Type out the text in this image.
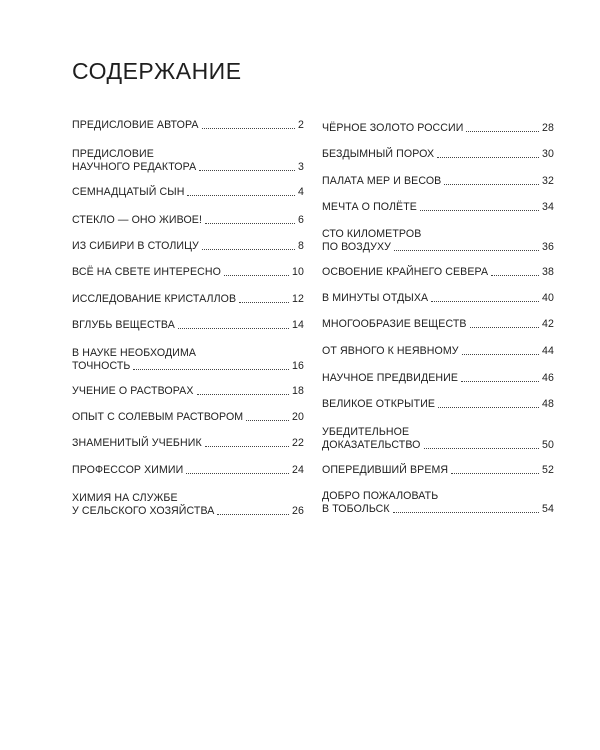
СОДЕРЖАНИЕ
ПРЕДИСЛОВИЕ АВТОРА	2
ПРЕДИСЛОВИЕ
НАУЧНОГО РЕДАКТОРА	3
СЕМНАДЦАТЫЙ СЫН	4
СТЕКЛО — ОНО ЖИВОЕ!	6
ИЗ СИБИРИ В СТОЛИЦУ	8
ВСЁ НА СВЕТЕ ИНТЕРЕСНО	10
ИССЛЕДОВАНИЕ КРИСТАЛЛОВ	12
ВГЛУБЬ ВЕЩЕСТВА	14
В НАУКЕ НЕОБХОДИМА
ТОЧНОСТЬ	16
УЧЕНИЕ О РАСТВОРАХ	18
ОПЫТ С СОЛЕВЫМ РАСТВОРОМ	20
ЗНАМЕНИТЫЙ УЧЕБНИК	22
ПРОФЕССОР ХИМИИ	24
ХИМИЯ НА СЛУЖБЕ
У СЕЛЬСКОГО ХОЗЯЙСТВА	26
ЧЁРНОЕ ЗОЛОТО РОССИИ	28
БЕЗДЫМНЫЙ ПОРОХ	30
ПАЛАТА МЕР И ВЕСОВ	32
МЕЧТА О ПОЛЁТЕ	34
СТО КИЛОМЕТРОВ
ПО ВОЗДУХУ	36
ОСВОЕНИЕ КРАЙНЕГО СЕВЕРА	38
В МИНУТЫ ОТДЫХА	40
МНОГООБРАЗИЕ ВЕЩЕСТВ	42
ОТ ЯВНОГО К НЕЯВНОМУ	44
НАУЧНОЕ ПРЕДВИДЕНИЕ	46
ВЕЛИКОЕ ОТКРЫТИЕ	48
УБЕДИТЕЛЬНОЕ
ДОКАЗАТЕЛЬСТВО	50
ОПЕРЕДИВШИЙ ВРЕМЯ	52
ДОБРО ПОЖАЛОВАТЬ
В ТОБОЛЬСК	54
